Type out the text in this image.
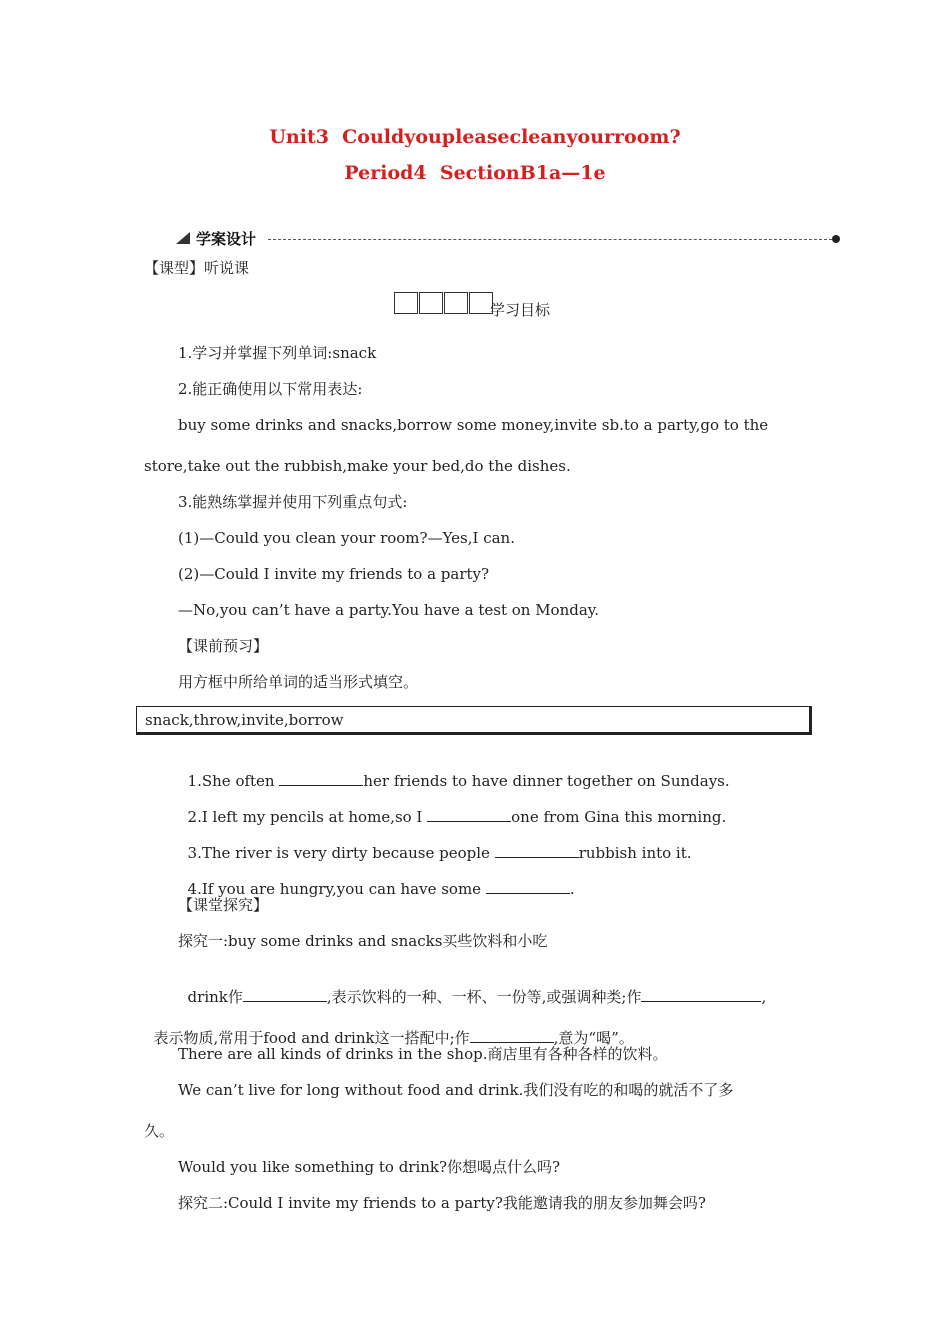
Unit3  Couldyoupleasecleanyourroom?
Period4  SectionB1a—1e
学案设计
【课型】听说课
学习目标
1.学习并掌握下列单词:snack
2.能正确使用以下常用表达:
buy some drinks and snacks,borrow some money,invite sb.to a party,go to the
store,take out the rubbish,make your bed,do the dishes.
3.能熟练掌握并使用下列重点句式:
(1)—Could you clean your room?—Yes,I can.
(2)—Could I invite my friends to a party?
—No,you can’t have a party.You have a test on Monday.
【课前预习】
用方框中所给单词的适当形式填空。
snack,throw,invite,borrow

1.She often	her friends to have dinner together on Sundays.

2.I left my pencils at home,so I	one from Gina this morning.

3.The river is very dirty because people	rubbish into it.

4.If you are hungry,you can have some	.

【课堂探究】
探究一:buy some drinks and snacks买些饮料和小吃

drink作	,表示饮料的一种、一杯、一份等,或强调种类;作	,

表示物质,常用于food and drink这一搭配中;作	,意为“喝”。

There are all kinds of drinks in the shop.商店里有各种各样的饮料。
We can’t live for long without food and drink.我们没有吃的和喝的就活不了多
久。
Would you like something to drink?你想喝点什么吗?
探究二:Could I invite my friends to a party?我能邀请我的朋友参加舞会吗?
